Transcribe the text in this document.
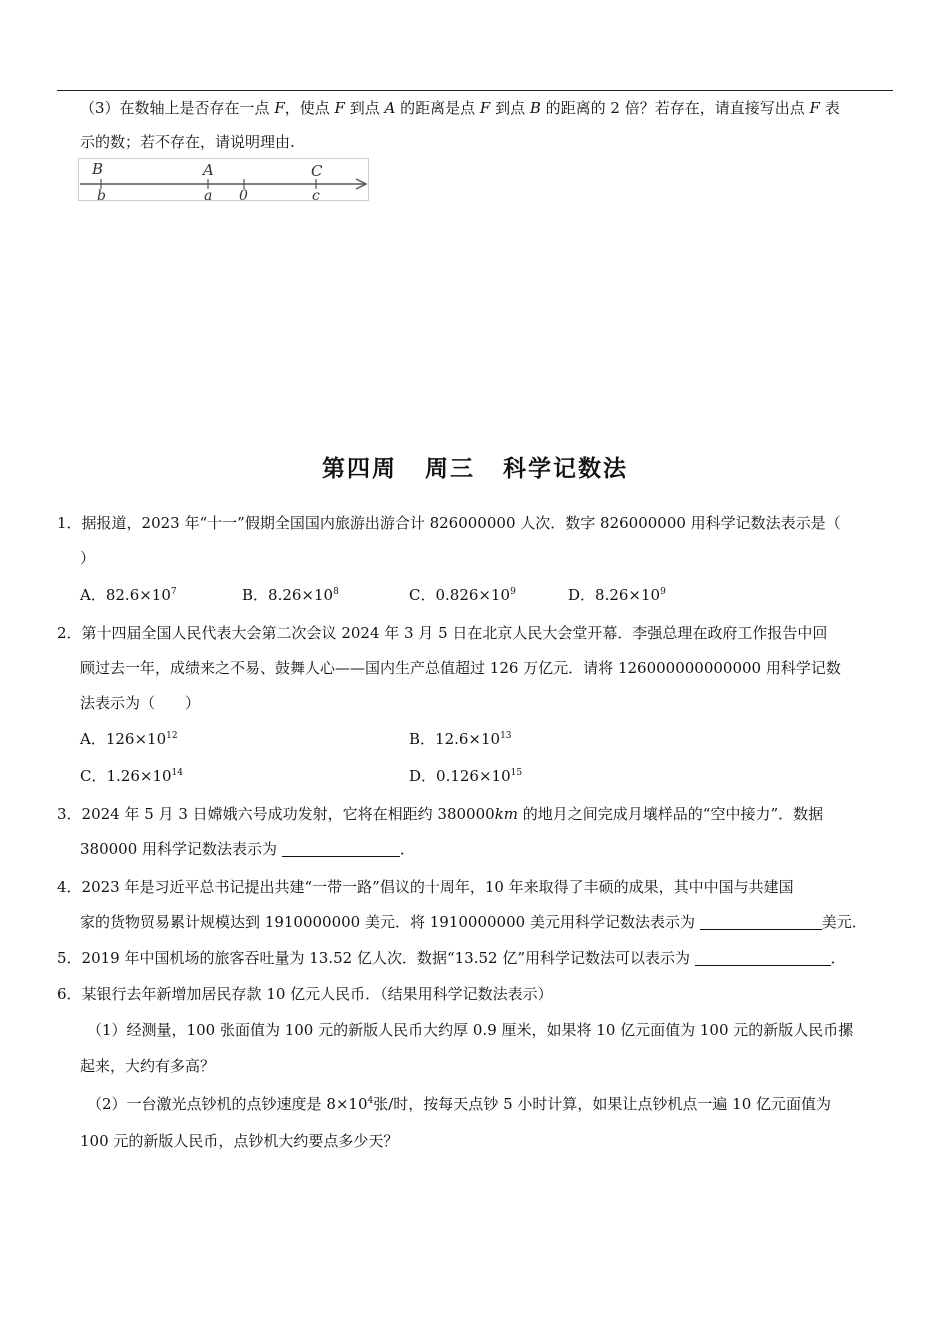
（3）在数轴上是否存在一点 F，使点 F 到点 A 的距离是点 F 到点 B 的距离的 2 倍？若存在，请直接写出点 F 表
示的数；若不存在，请说明理由.
B	A	C
b	a 0	c
第四周 周三 科学记数法
1．据报道，2023 年“十一”假期全国国内旅游出游合计 826000000 人次．数字 826000000 用科学记数法表示是（
）
A．$82.6\times 10^7$	B．$8.26\times 10^8$	C．$0.826\times 10^9$	D．$8.26\times 10^9$
2．第十四届全国人民代表大会第二次会议 2024 年 3 月 5 日在北京人民大会堂开幕．李强总理在政府工作报告中回
顾过去一年，成绩来之不易、鼓舞人心——国内生产总值超过 126 万亿元．请将 126000000000000 用科学记数
法表示为（　　）
A．$126\times 10^{12}$	B．$12.6\times 10^{13}$
C．$1.26\times 10^{14}$	D．$0.126\times 10^{15}$
3．2024 年 5 月 3 日嫦娥六号成功发射，它将在相距约 380000km 的地月之间完成月壤样品的“空中接力”．数据
380000 用科学记数法表示为	．
4．2023 年是习近平总书记提出共建“一带一路”倡议的十周年，10 年来取得了丰硕的成果，其中中国与共建国
家的货物贸易累计规模达到 1910000000 美元．将 1910000000 美元用科学记数法表示为	美元．
5．2019 年中国机场的旅客吞吐量为 13.52 亿人次．数据“13.52 亿”用科学记数法可以表示为	．
6．某银行去年新增加居民存款 10 亿元人民币．（结果用科学记数法表示）
（1）经测量，100 张面值为 100 元的新版人民币大约厚 0.9 厘米，如果将 10 亿元面值为 100 元的新版人民币摞
起来，大约有多高？
（2）一台激光点钞机的点钞速度是 $8\times 10^4$张/时，按每天点钞 5 小时计算，如果让点钞机点一遍 10 亿元面值为
100 元的新版人民币，点钞机大约要点多少天？
